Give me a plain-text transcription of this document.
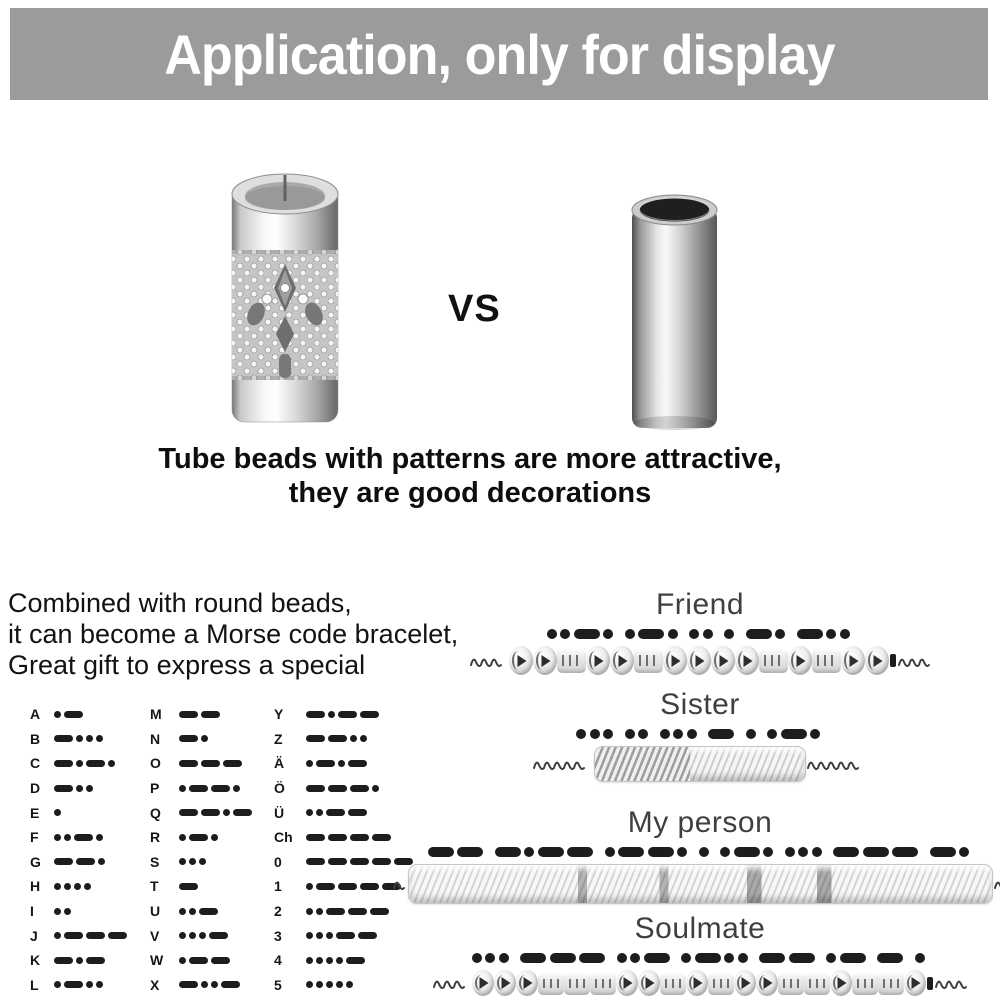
Application, only for display
VS
Tube beads with patterns are more attractive,
they are good decorations
Combined with round beads,
it can become a Morse code bracelet,
Great gift to express a special
A
B
C
D
E
F
G
H
I
J
K
L
M
N
O
P
Q
R
S
T
U
V
W
X
Y
Z
Ä
Ö
Ü
Ch
0
1
2
3
4
5
Friend
Sister
My person
Soulmate
